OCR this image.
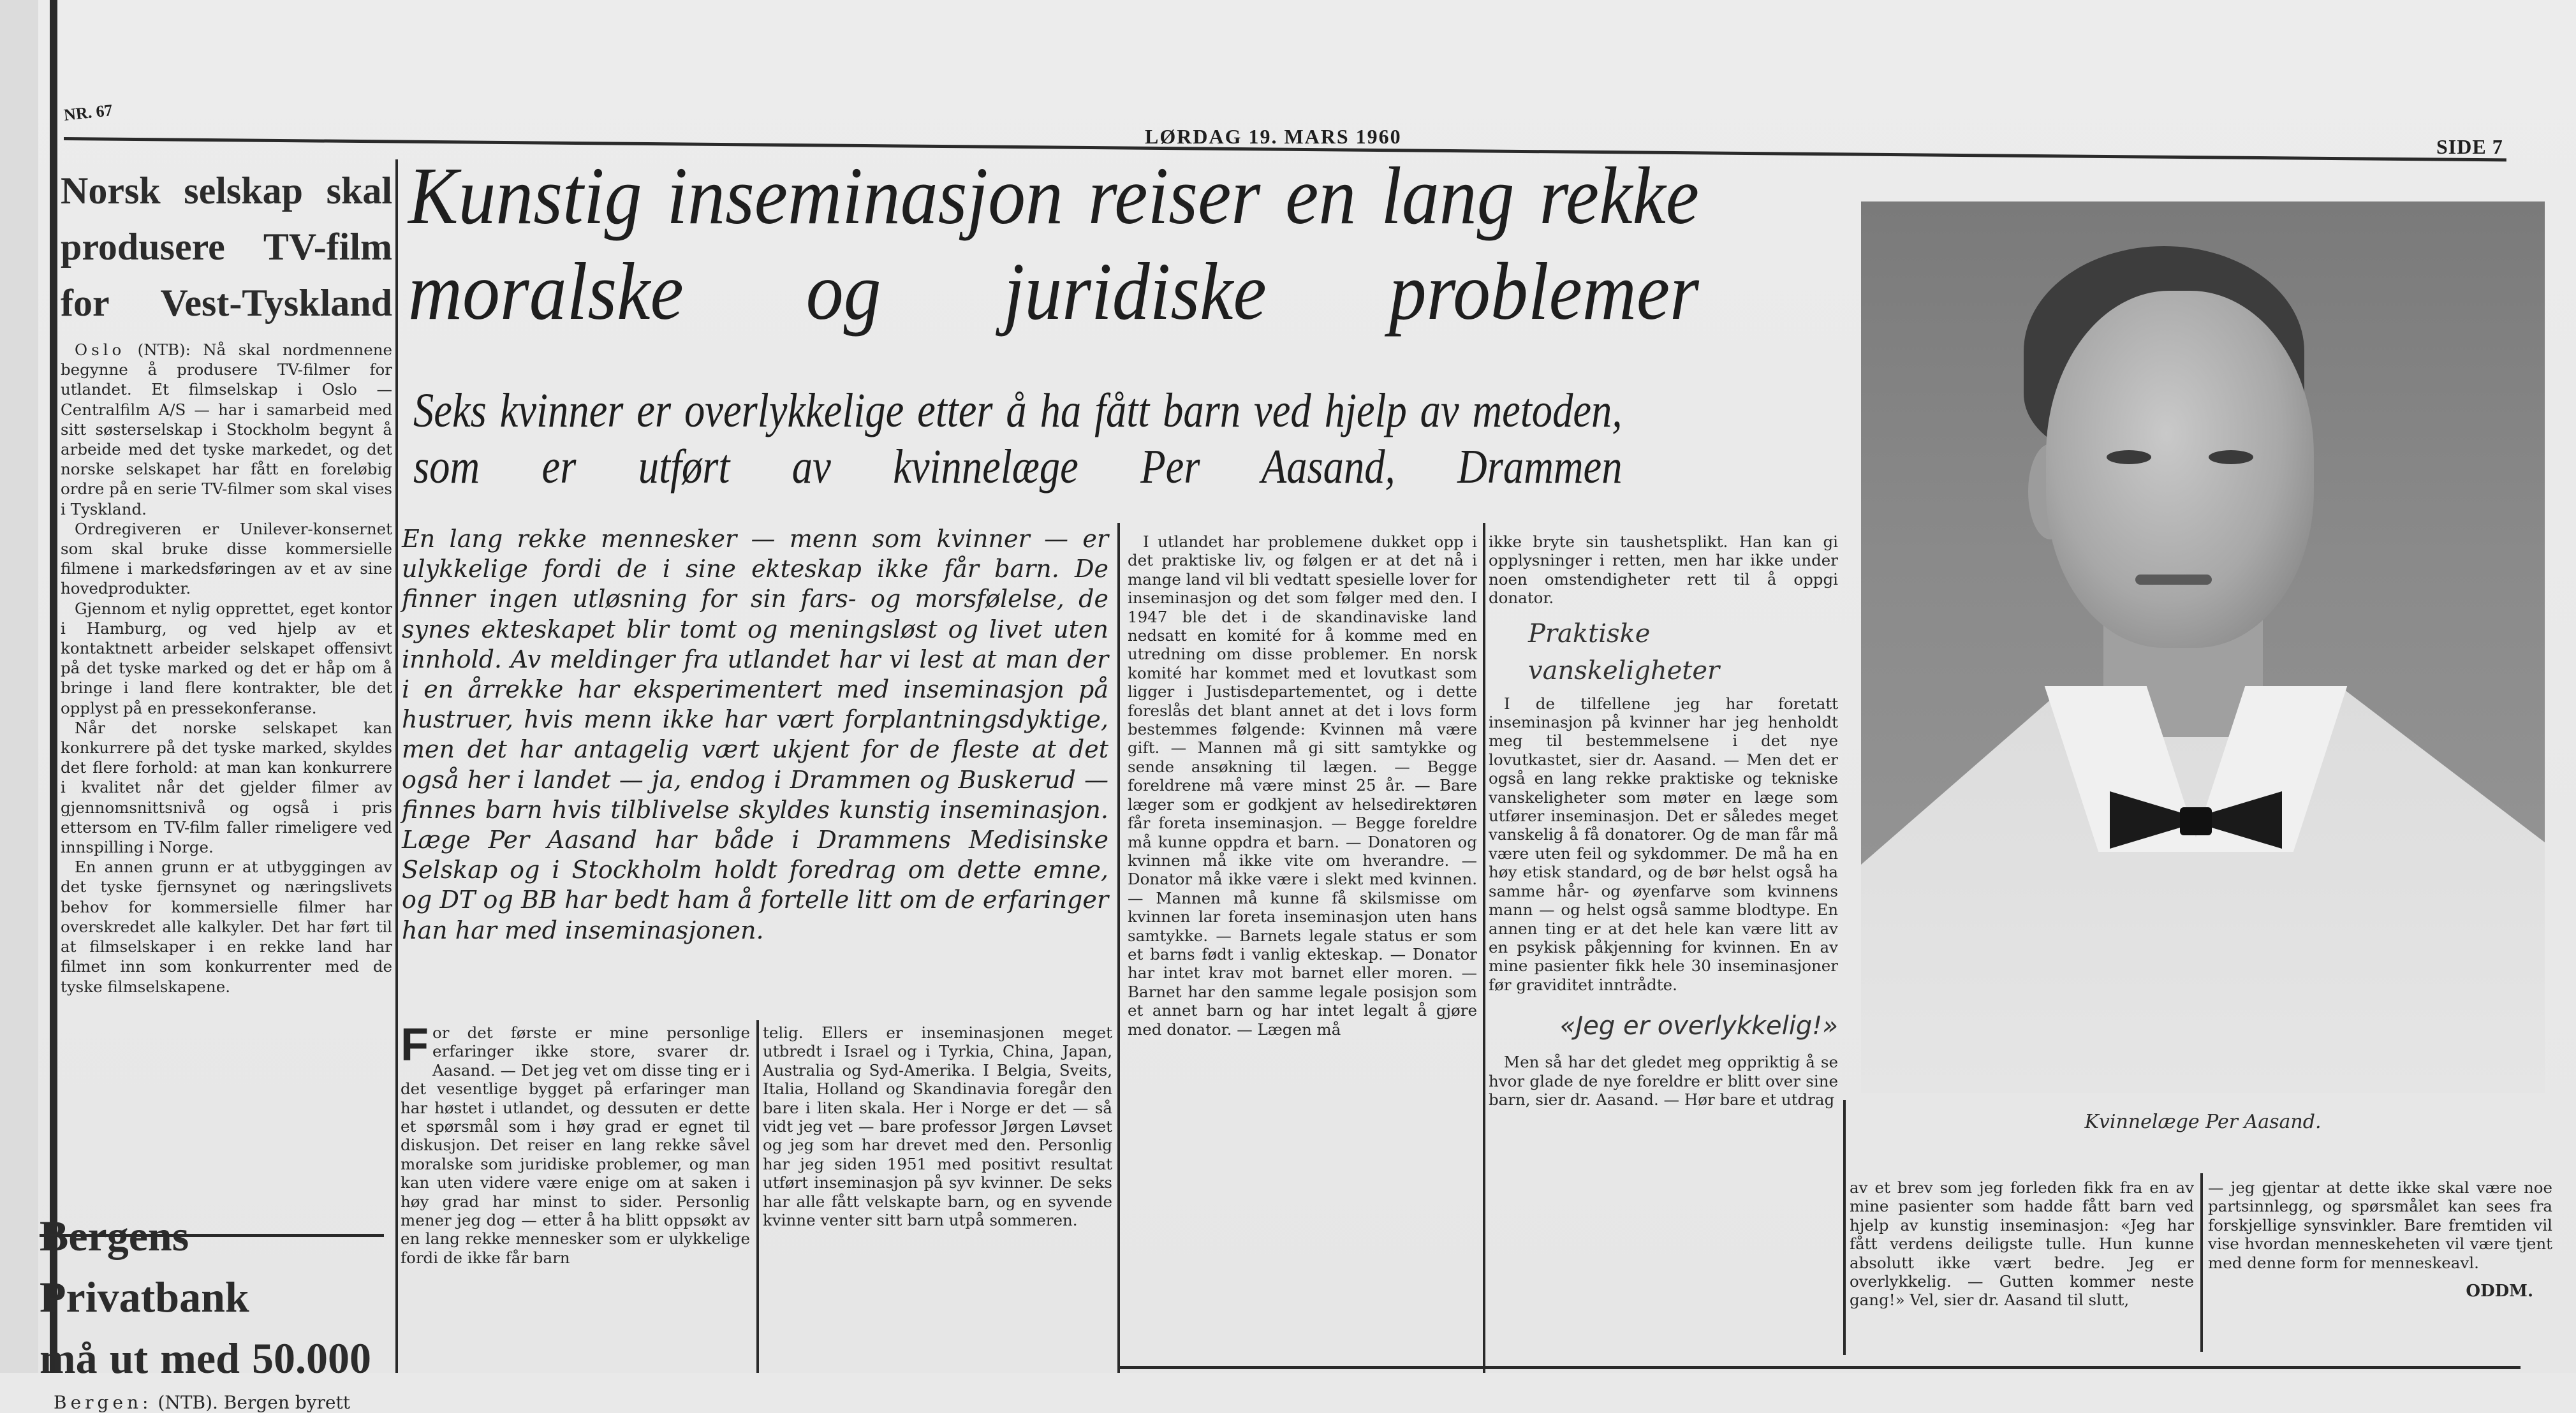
NR. 67
LØRDAG 19. MARS 1960	SIDE 7
Norsk selskap skal
produsere TV-film
for Vest-Tyskland

Oslo (NTB): Nå skal nordmennene begynne å produsere TV-filmer for utlandet. Et filmselskap i Oslo — Centralfilm A/S — har i samarbeid med sitt søsterselskap i Stockholm begynt å arbeide med det tyske markedet, og det norske selskapet har fått en foreløbig ordre på en serie TV-filmer som skal vises i Tyskland.

Ordregiveren er Unilever-konsernet som skal bruke disse kommersielle filmene i markedsføringen av et av sine hovedprodukter.

Gjennom et nylig opprettet, eget kontor i Hamburg, og ved hjelp av et kontaktnett arbeider selskapet offensivt på det tyske marked og det er håp om å bringe i land flere kontrakter, ble det opplyst på en pressekonferanse.

Når det norske selskapet kan konkurrere på det tyske marked, skyldes det flere forhold: at man kan konkurrere i kvalitet når det gjelder filmer av gjennomsnittsnivå og også i pris ettersom en TV-film faller rimeligere ved innspilling i Norge.

En annen grunn er at utbyggingen av det tyske fjernsynet og næringslivets behov for kommersielle filmer har overskredet alle kalkyler. Det har ført til at filmselskaper i en rekke land har filmet inn som konkurrenter med de tyske filmselskapene.

Bergens Privatbank
må ut med 50.000

Bergen: (NTB). Bergen byrett

Kunstig inseminasjon reiser en lang rekke moralske og juridiske problemer
Seks kvinner er overlykkelige etter å ha fått barn ved hjelp av metoden, som er utført av kvinnelæge Per Aasand, Drammen
En lang rekke mennesker — menn som kvinner — er ulykkelige fordi de i sine ekteskap ikke får barn. De finner ingen utløsning for sin fars- og morsfølelse, de synes ekteskapet blir tomt og meningsløst og livet uten innhold. Av meldinger fra utlandet har vi lest at man der i en årrekke har eksperimentert med inseminasjon på hustruer, hvis menn ikke har vært forplantningsdyktige, men det har antagelig vært ukjent for de fleste at det også her i landet — ja, endog i Drammen og Buskerud — finnes barn hvis tilblivelse skyldes kunstig inseminasjon. Læge Per Aasand har både i Drammens Medisinske Selskap og i Stockholm holdt foredrag om dette emne, og DT og BB har bedt ham å fortelle litt om de erfaringer han har med inseminasjonen.

For det første er mine personlige erfaringer ikke store, svarer dr. Aasand. — Det jeg vet om disse ting er i det vesentlige bygget på erfaringer man har høstet i utlandet, og dessuten er dette et spørsmål som i høy grad er egnet til diskusjon. Det reiser en lang rekke såvel moralske som juridiske problemer, og man kan uten videre være enige om at saken i høy grad har minst to sider. Personlig mener jeg dog — etter å ha blitt oppsøkt av en lang rekke mennesker som er ulykkelige fordi de ikke får barn

telig. Ellers er inseminasjonen meget utbredt i Israel og i Tyrkia, China, Japan, Australia og Syd-Amerika. I Belgia, Sveits, Italia, Holland og Skandinavia foregår den bare i liten skala. Her i Norge er det — så vidt jeg vet — bare professor Jørgen Løvset og jeg som har drevet med den. Personlig har jeg siden 1951 med positivt resultat utført inseminasjon på syv kvinner. De seks har alle fått velskapte barn, og en syvende kvinne venter sitt barn utpå sommeren.

I utlandet har problemene dukket opp i det praktiske liv, og følgen er at det nå i mange land vil bli vedtatt spesielle lover for inseminasjon og det som følger med den. I 1947 ble det i de skandinaviske land nedsatt en komité for å komme med en utredning om disse problemer. En norsk komité har kommet med et lovutkast som ligger i Justisdepartementet, og i dette foreslås det blant annet at det i lovs form bestemmes følgende: Kvinnen må være gift. — Mannen må gi sitt samtykke og sende ansøkning til lægen. — Begge foreldrene må være minst 25 år. — Bare læger som er godkjent av helsedirektøren får foreta inseminasjon. — Begge foreldre må kunne oppdra et barn. — Donatoren og kvinnen må ikke vite om hverandre. — Donator må ikke være i slekt med kvinnen. — Mannen må kunne få skilsmisse om kvinnen lar foreta inseminasjon uten hans samtykke. — Barnets legale status er som et barns født i vanlig ekteskap. — Donator har intet krav mot barnet eller moren. — Barnet har den samme legale posisjon som et annet barn og har intet legalt å gjøre med donator. — Lægen må

ikke bryte sin taushetsplikt. Han kan gi opplysninger i retten, men har ikke under noen omstendigheter rett til å oppgi donator.

Praktiske
vanskeligheter

I de tilfellene jeg har foretatt inseminasjon på kvinner har jeg henholdt meg til bestemmelsene i det nye lovutkastet, sier dr. Aasand. — Men det er også en lang rekke praktiske og tekniske vanskeligheter som møter en læge som utfører inseminasjon. Det er således meget vanskelig å få donatorer. Og de man får må være uten feil og sykdommer. De må ha en høy etisk standard, og de bør helst også ha samme hår- og øyenfarve som kvinnens mann — og helst også samme blodtype. En annen ting er at det hele kan være litt av en psykisk påkjenning for kvinnen. En av mine pasienter fikk hele 30 inseminasjoner før graviditet inntrådte.

«Jeg er overlykkelig!»

Men så har det gledet meg oppriktig å se hvor glade de nye foreldre er blitt over sine barn, sier dr. Aasand. — Hør bare et utdrag

Kvinnelæge Per Aasand.

av et brev som jeg forleden fikk fra en av mine pasienter som hadde fått barn ved hjelp av kunstig inseminasjon: «Jeg har fått verdens deiligste tulle. Hun kunne absolutt ikke vært bedre. Jeg er overlykkelig. — Gutten kommer neste gang!» Vel, sier dr. Aasand til slutt,

— jeg gjentar at dette ikke skal være noe partsinnlegg, og spørsmålet kan sees fra forskjellige synsvinkler. Bare fremtiden vil vise hvordan menneskeheten vil være tjent med denne form for menneskeavl.

ODDM.
